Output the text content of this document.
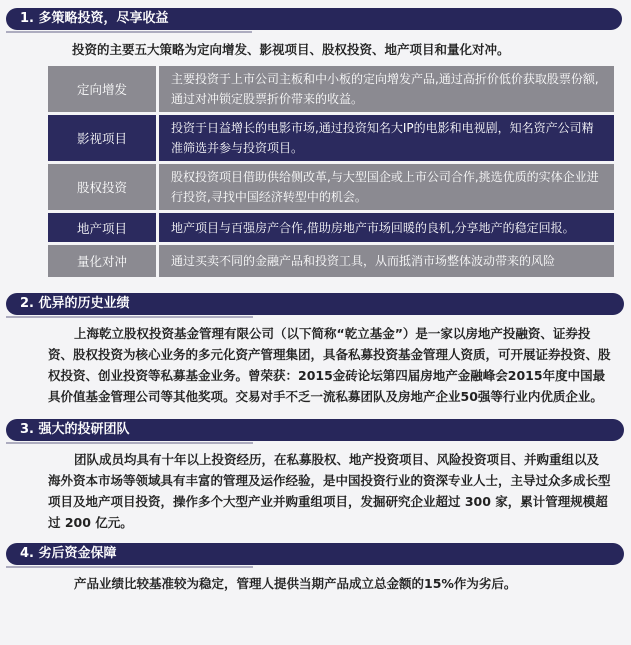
1. 多策略投资，尽享收益
投资的主要五大策略为定向增发、影视项目、股权投资、地产项目和量化对冲。
定向增发
主要投资于上市公司主板和中小板的定向增发产品,通过高折价低价获取股票份额,通过对冲锁定股票折价带来的收益。
影视项目
投资于日益增长的电影市场,通过投资知名大IP的电影和电视剧，知名资产公司精准筛选并参与投资项目。
股权投资
股权投资项目借助供给侧改革,与大型国企或上市公司合作,挑选优质的实体企业进行投资,寻找中国经济转型中的机会。
地产项目	地产项目与百强房产合作,借助房地产市场回暖的良机,分享地产的稳定回报。
量化对冲	通过买卖不同的金融产品和投资工具，从而抵消市场整体波动带来的风险
2. 优异的历史业绩
上海乾立股权投资基金管理有限公司（以下简称“乾立基金”）是一家以房地产投融资、证券投资、股权投资为核心业务的多元化资产管理集团，具备私募投资基金管理人资质，可开展证券投资、股权投资、创业投资等私募基金业务。曾荣获：2015金砖论坛第四届房地产金融峰会2015年度中国最具价值基金管理公司等其他奖项。交易对手不乏一流私募团队及房地产企业50强等行业内优质企业。
3. 强大的投研团队
团队成员均具有十年以上投资经历，在私募股权、地产投资项目、风险投资项目、并购重组以及海外资本市场等领域具有丰富的管理及运作经验，是中国投资行业的资深专业人士，主导过众多成长型项目及地产项目投资，操作多个大型产业并购重组项目，发掘研究企业超过 300 家，累计管理规模超过 200 亿元。
4. 劣后资金保障
产品业绩比较基准较为稳定，管理人提供当期产品成立总金额的15%作为劣后。
